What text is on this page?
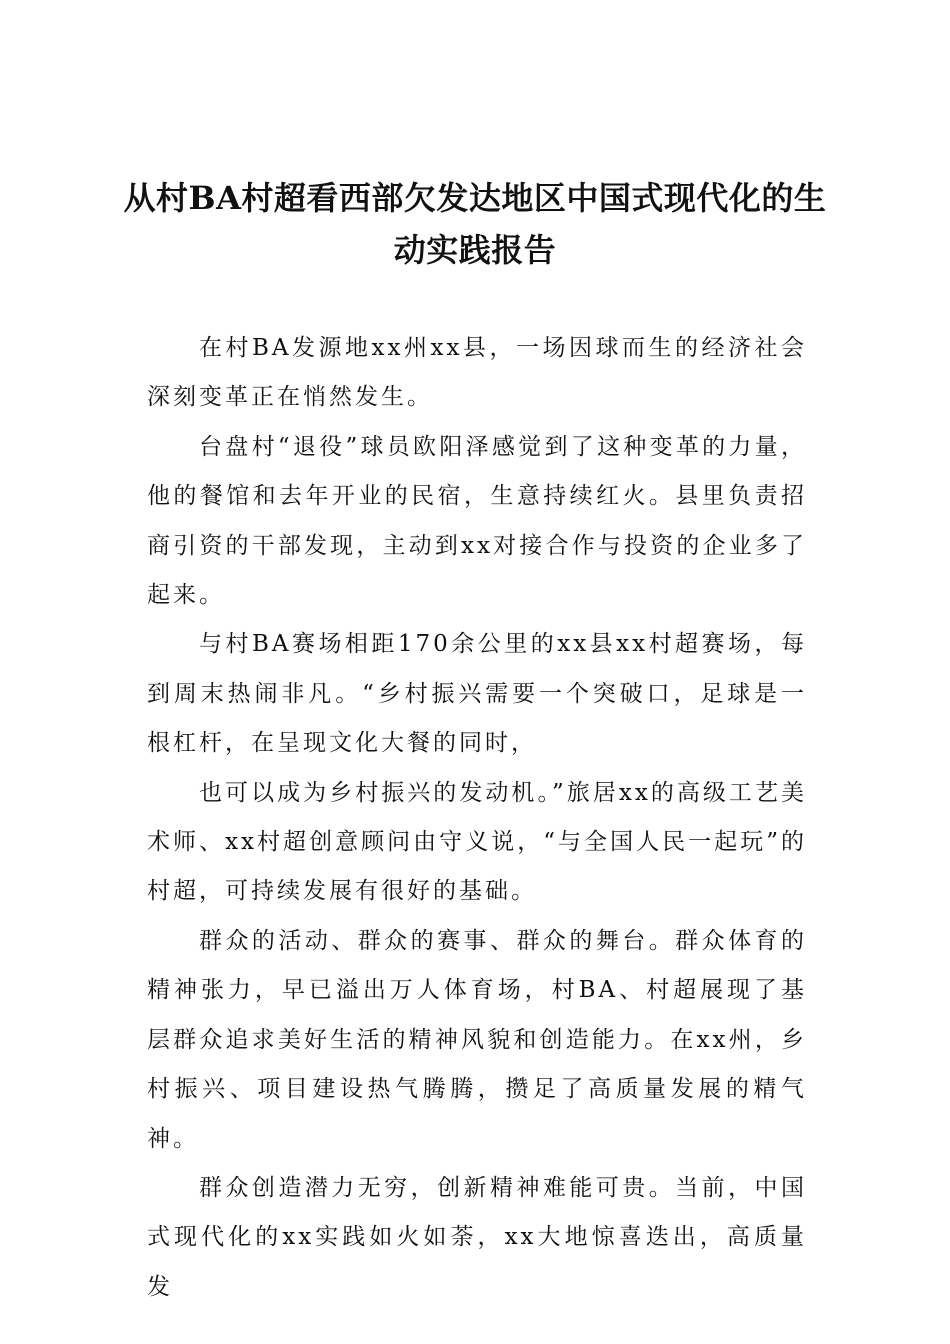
从村BA村超看西部欠发达地区中国式现代化的生动实践报告

在村BA发源地xx州xx县，一场因球而生的经济社会深刻变革正在悄然发生。

台盘村“退役”球员欧阳泽感觉到了这种变革的力量，他的餐馆和去年开业的民宿，生意持续红火。县里负责招商引资的干部发现，主动到xx对接合作与投资的企业多了起来。

与村BA赛场相距170余公里的xx县xx村超赛场，每到周末热闹非凡。“乡村振兴需要一个突破口，足球是一根杠杆，在呈现文化大餐的同时，

也可以成为乡村振兴的发动机。”旅居xx的高级工艺美术师、xx村超创意顾问由守义说，“与全国人民一起玩”的村超，可持续发展有很好的基础。

群众的活动、群众的赛事、群众的舞台。群众体育的精神张力，早已溢出万人体育场，村BA、村超展现了基层群众追求美好生活的精神风貌和创造能力。在xx州，乡村振兴、项目建设热气腾腾，攒足了高质量发展的精气神。

群众创造潜力无穷，创新精神难能可贵。当前，中国式现代化的xx实践如火如荼，xx大地惊喜迭出，高质量发
